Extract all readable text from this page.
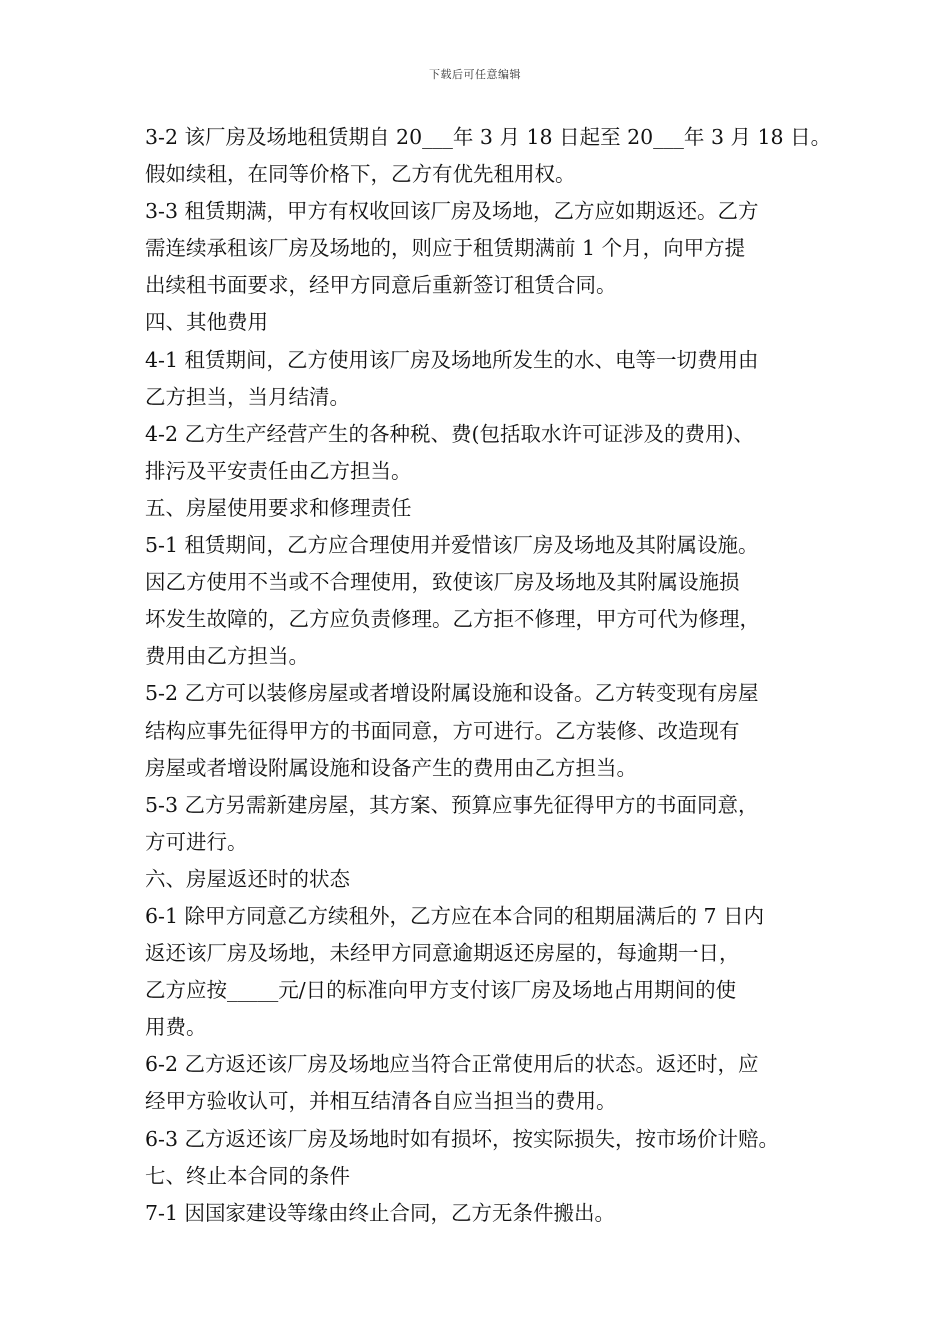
下载后可任意编辑
3-2 该厂房及场地租赁期自 20___年 3 月 18 日起至 20___年 3 月 18 日。
假如续租，在同等价格下，乙方有优先租用权。
3-3 租赁期满，甲方有权收回该厂房及场地，乙方应如期返还。乙方
需连续承租该厂房及场地的，则应于租赁期满前 1 个月，向甲方提
出续租书面要求，经甲方同意后重新签订租赁合同。
四、其他费用
4-1 租赁期间，乙方使用该厂房及场地所发生的水、电等一切费用由
乙方担当，当月结清。
4-2 乙方生产经营产生的各种税、费(包括取水许可证涉及的费用)、
排污及平安责任由乙方担当。
五、房屋使用要求和修理责任
5-1 租赁期间，乙方应合理使用并爱惜该厂房及场地及其附属设施。
因乙方使用不当或不合理使用，致使该厂房及场地及其附属设施损
坏发生故障的，乙方应负责修理。乙方拒不修理，甲方可代为修理，
费用由乙方担当。
5-2 乙方可以装修房屋或者增设附属设施和设备。乙方转变现有房屋
结构应事先征得甲方的书面同意，方可进行。乙方装修、改造现有
房屋或者增设附属设施和设备产生的费用由乙方担当。
5-3 乙方另需新建房屋，其方案、预算应事先征得甲方的书面同意，
方可进行。
六、房屋返还时的状态
6-1 除甲方同意乙方续租外，乙方应在本合同的租期届满后的 7 日内
返还该厂房及场地，未经甲方同意逾期返还房屋的，每逾期一日，
乙方应按_____元/日的标准向甲方支付该厂房及场地占用期间的使
用费。
6-2 乙方返还该厂房及场地应当符合正常使用后的状态。返还时，应
经甲方验收认可，并相互结清各自应当担当的费用。
6-3 乙方返还该厂房及场地时如有损坏，按实际损失，按市场价计赔。
七、终止本合同的条件
7-1 因国家建设等缘由终止合同，乙方无条件搬出。
